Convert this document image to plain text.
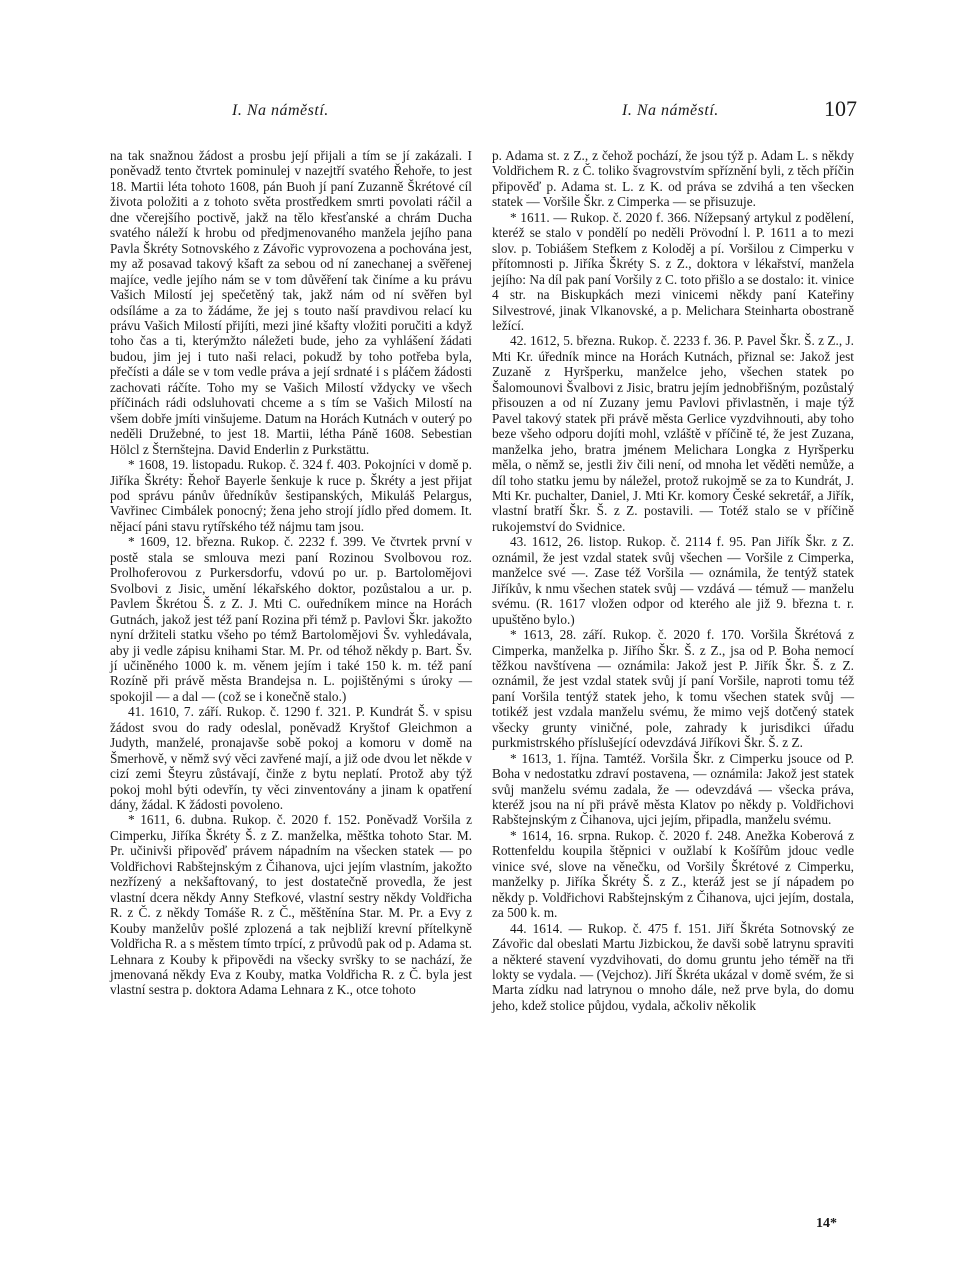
I. Na náměstí.	I. Na náměstí.	107

na tak snažnou žádost a prosbu její přijali a tím se jí zakázali. I poněvadž tento čtvrtek pominulej v nazejtří svatého Řehoře, to jest 18. Martii léta tohoto 1608, pán Buoh jí paní Zuzanně Škrétové cíl života položiti a z tohoto světa prostředkem smrti povolati ráčil a dne včerejšího poctivě, jakž na tělo křesťanské a chrám Ducha svatého náleží k hrobu od předjmenovaného manžela jejího pana Pavla Škréty Sotnovského z Závořic vyprovozena a pochována jest, my až posavad takový kšaft za sebou od ní zanechanej a svěřenej majíce, vedle jejího nám se v tom důvěření tak činíme a ku právu Vašich Milostí jej spečetěný tak, jakž nám od ní svěřen byl odsíláme a za to žádáme, že jej s touto naší pravdivou relací ku právu Vašich Milostí přijíti, mezi jiné kšafty vložiti poručiti a když toho čas a ti, kterýmžto náležeti bude, jeho za vyhlášení žádati budou, jim jej i tuto naši relaci, pokudž by toho potřeba byla, přečísti a dále se v tom vedle práva a její srdnaté i s pláčem žádosti zachovati ráčíte. Toho my se Vašich Milostí vždycky ve všech příčinách rádi odsluhovati chceme a s tím se Vašich Milostí na všem dobře jmíti vinšujeme. Datum na Horách Kutnách v outerý po neděli Družebné, to jest 18. Martii, létha Páně 1608. Sebestian Hölcl z Šternštejna. David Enderlin z Purkstättu.

* 1608, 19. listopadu. Rukop. č. 324 f. 403. Pokojníci v domě p. Jiříka Škréty: Řehoř Bayerle šenkuje k ruce p. Škréty a jest přijat pod správu pánův ůředníkův šestipanských, Mikuláš Pelargus, Vavřinec Cimbálek ponocný; žena jeho strojí jídlo před domem. It. nějací páni stavu rytířského též nájmu tam jsou.

* 1609, 12. března. Rukop. č. 2232 f. 399. Ve čtvrtek první v postě stala se smlouva mezi paní Rozinou Svolbovou roz. Prolhoferovou z Purkersdorfu, vdovú po ur. p. Bartolomějovi Svolbovi z Jisic, umění lékařského doktor, pozůstalou a ur. p. Pavlem Škrétou Š. z Z. J. Mti C. ouředníkem mince na Horách Gutnách, jakož jest též paní Rozina při témž p. Pavlovi Škr. jakožto nyní držiteli statku všeho po témž Bartolomějovi Šv. vyhledávala, aby ji vedle zápisu knihami Star. M. Pr. od téhož někdy p. Bart. Šv. jí učiněného 1000 k. m. věnem jejím i také 150 k. m. též paní Rozíně při právě města Brandejsa n. L. pojištěnými s úroky — spokojil — a dal — (což se i konečně stalo.)

41. 1610, 7. září. Rukop. č. 1290 f. 321. P. Kundrát Š. v spisu žádost svou do rady odeslal, poněvadž Kryštof Gleichmon a Judyth, manželé, pronajavše sobě pokoj a komoru v domě na Šmerhově, v němž svý věci zavřené mají, a již ode dvou let někde v cizí zemi Šteyru zůstávají, činže z bytu neplatí. Protož aby týž pokoj mohl býti odevřín, ty věci zinventovány a jinam k opatření dány, žádal. K žádosti povoleno.

* 1611, 6. dubna. Rukop. č. 2020 f. 152. Poněvadž Voršila z Cimperku, Jiříka Škréty Š. z Z. manželka, měštka tohoto Star. M. Pr. učinivši připověď právem nápadním na všecken statek — po Voldřichovi Rabštejnským z Čihanova, ujci jejím vlastním, jakožto nezřízený a nekšaftovaný, to jest dostatečně provedla, že jest vlastní dcera někdy Anny Stefkové, vlastní sestry někdy Voldřicha R. z Č. z někdy Tomáše R. z Č., měštěnína Star. M. Pr. a Evy z Kouby manželův pošlé zplozená a tak nejbliží krevní přítelkyně Voldřicha R. a s městem tímto trpící, z průvodů pak od p. Adama st. Lehnara z Kouby k připovědi na všecky svršky to se nachází, že jmenovaná někdy Eva z Kouby, matka Voldřicha R. z Č. byla jest vlastní sestra p. doktora Adama Lehnara z K., otce tohoto

p. Adama st. z Z., z čehož pochází, že jsou týž p. Adam L. s někdy Voldřichem R. z Č. toliko švagrovstvím spříznění byli, z těch příčin připověď p. Adama st. L. z K. od práva se zdvihá a ten všecken statek — Voršile Škr. z Cimperka — se přisuzuje.

* 1611. — Rukop. č. 2020 f. 366. Nížepsaný artykul z podělení, kteréž se stalo v pondělí po neděli Prövodní l. P. 1611 a to mezi slov. p. Tobiášem Stefkem z Koloděj a pí. Voršilou z Cimperku v přítomnosti p. Jiříka Škréty S. z Z., doktora v lékařství, manžela jejího: Na díl pak paní Voršily z C. toto přišlo a se dostalo: it. vinice 4 str. na Biskupkách mezi vinicemi někdy paní Kateřiny Silvestrové, jinak Vlkanovské, a p. Melichara Steinharta obostraně ležící.

42. 1612, 5. března. Rukop. č. 2233 f. 36. P. Pavel Škr. Š. z Z., J. Mti Kr. úředník mince na Horách Kutnách, přiznal se: Jakož jest Zuzaně z Hyršperku, manželce jeho, všechen statek po Šalomounovi Švalbovi z Jisic, bratru jejím jednobřišným, pozůstalý přisouzen a od ní Zuzany jemu Pavlovi přivlastněn, i maje týž Pavel takový statek při právě města Gerlice vyzdvihnouti, aby toho beze všeho odporu dojíti mohl, vzláště v příčině té, že jest Zuzana, manželka jeho, bratra jménem Melichara Longka z Hyršperku měla, o němž se, jestli živ čili není, od mnoha let věděti nemůže, a díl toho statku jemu by náležel, protož rukojmě se za to Kundrát, J. Mti Kr. puchalter, Daniel, J. Mti Kr. komory České sekretář, a Jiřík, vlastní bratří Škr. Š. z Z. postavili. — Totéž stalo se v příčině rukojemství do Svidnice.

43. 1612, 26. listop. Rukop. č. 2114 f. 95. Pan Jiřík Škr. z Z. oznámil, že jest vzdal statek svůj všechen — Voršile z Cimperka, manželce své —. Zase též Voršila — oznámila, že tentýž statek Jiříkův, k nmu všechen statek svůj — vzdává — témuž — manželu svému. (R. 1617 vložen odpor od kterého ale již 9. března t. r. upuštěno bylo.)

* 1613, 28. září. Rukop. č. 2020 f. 170. Voršila Škrétová z Cimperka, manželka p. Jiřího Škr. Š. z Z., jsa od P. Boha nemocí těžkou navštívena — oznámila: Jakož jest P. Jiřík Škr. Š. z Z. oznámil, že jest vzdal statek svůj jí paní Voršile, naproti tomu též paní Voršila tentýž statek jeho, k tomu všechen statek svůj — totikéž jest vzdala manželu svému, že mimo vejš dotčený statek všecky grunty viničné, pole, zahrady k jurisdikci úřadu purkmistrského příslušející odevzdává Jiříkovi Škr. Š. z Z.

* 1613, 1. října. Tamtéž. Voršila Škr. z Cimperku jsouce od P. Boha v nedostatku zdraví postavena, — oznámila: Jakož jest statek svůj manželu svému zadala, že — odevzdává — všecka práva, kteréž jsou na ní při právě města Klatov po někdy p. Voldřichovi Rabštejnským z Čihanova, ujci jejím, připadla, manželu svému.

* 1614, 16. srpna. Rukop. č. 2020 f. 248. Anežka Koberová z Rottenfeldu koupila štěpnici v oužlabí k Košířům jdouc vedle vinice své, slove na věnečku, od Voršily Škrétové z Cimperku, manželky p. Jiříka Škréty Š. z Z., kteráž jest se jí nápadem po někdy p. Voldřichovi Rabštejnským z Čihanova, ujci jejím, dostala, za 500 k. m.

44. 1614. — Rukop. č. 475 f. 151. Jiří Škréta Sotnovský ze Závořic dal obeslati Martu Jizbickou, že davši sobě latrynu spraviti a některé stavení vyzdvihovati, do domu gruntu jeho téměř na tři lokty se vydala. — (Vejchoz). Jiří Škréta ukázal v domě svém, že si Marta zídku nad latrynou o mnoho dále, než prve byla, do domu jeho, kdež stolice půjdou, vydala, ačkoliv několik

14*
